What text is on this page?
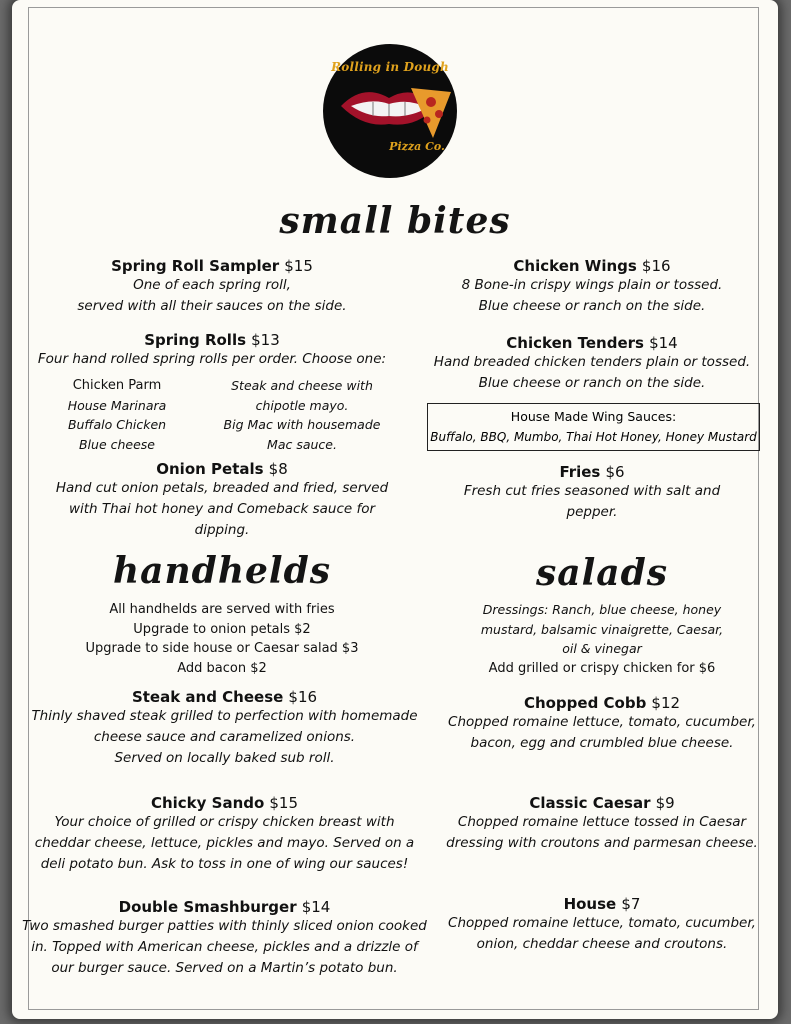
Rolling in Dough
Pizza Co.
small bites
handhelds	salads
Spring Roll Sampler $15
One of each spring roll,
served with all their sauces on the side.
Spring Rolls $13
Four hand rolled spring rolls per order. Choose one:
Chicken Parm
House Marinara
Buffalo Chicken
Blue cheese
Steak and cheese with
chipotle mayo.
Big Mac with housemade
Mac sauce.
Onion Petals $8
Hand cut onion petals, breaded and fried, served
with Thai hot honey and Comeback sauce for
dipping.
Chicken Wings $16
8 Bone-in crispy wings plain or tossed.
Blue cheese or ranch on the side.
Chicken Tenders $14
Hand breaded chicken tenders plain or tossed.
Blue cheese or ranch on the side.
House Made Wing Sauces:
Buffalo, BBQ, Mumbo, Thai Hot Honey, Honey Mustard
Fries $6
Fresh cut fries seasoned with salt and
pepper.
All handhelds are served with fries
Upgrade to onion petals $2
Upgrade to side house or Caesar salad $3
Add bacon $2
Steak and Cheese $16
Thinly shaved steak grilled to perfection with homemade
cheese sauce and caramelized onions.
Served on locally baked sub roll.
Chicky Sando $15
Your choice of grilled or crispy chicken breast with
cheddar cheese, lettuce, pickles and mayo. Served on a
deli potato bun. Ask to toss in one of wing our sauces!
Double Smashburger $14
Two smashed burger patties with thinly sliced onion cooked
in. Topped with American cheese, pickles and a drizzle of
our burger sauce. Served on a Martin’s potato bun.
Dressings: Ranch, blue cheese, honey
mustard, balsamic vinaigrette, Caesar,
oil & vinegar
Add grilled or crispy chicken for $6
Chopped Cobb $12
Chopped romaine lettuce, tomato, cucumber,
bacon, egg and crumbled blue cheese.
Classic Caesar $9
Chopped romaine lettuce tossed in Caesar
dressing with croutons and parmesan cheese.
House $7
Chopped romaine lettuce, tomato, cucumber,
onion, cheddar cheese and croutons.
